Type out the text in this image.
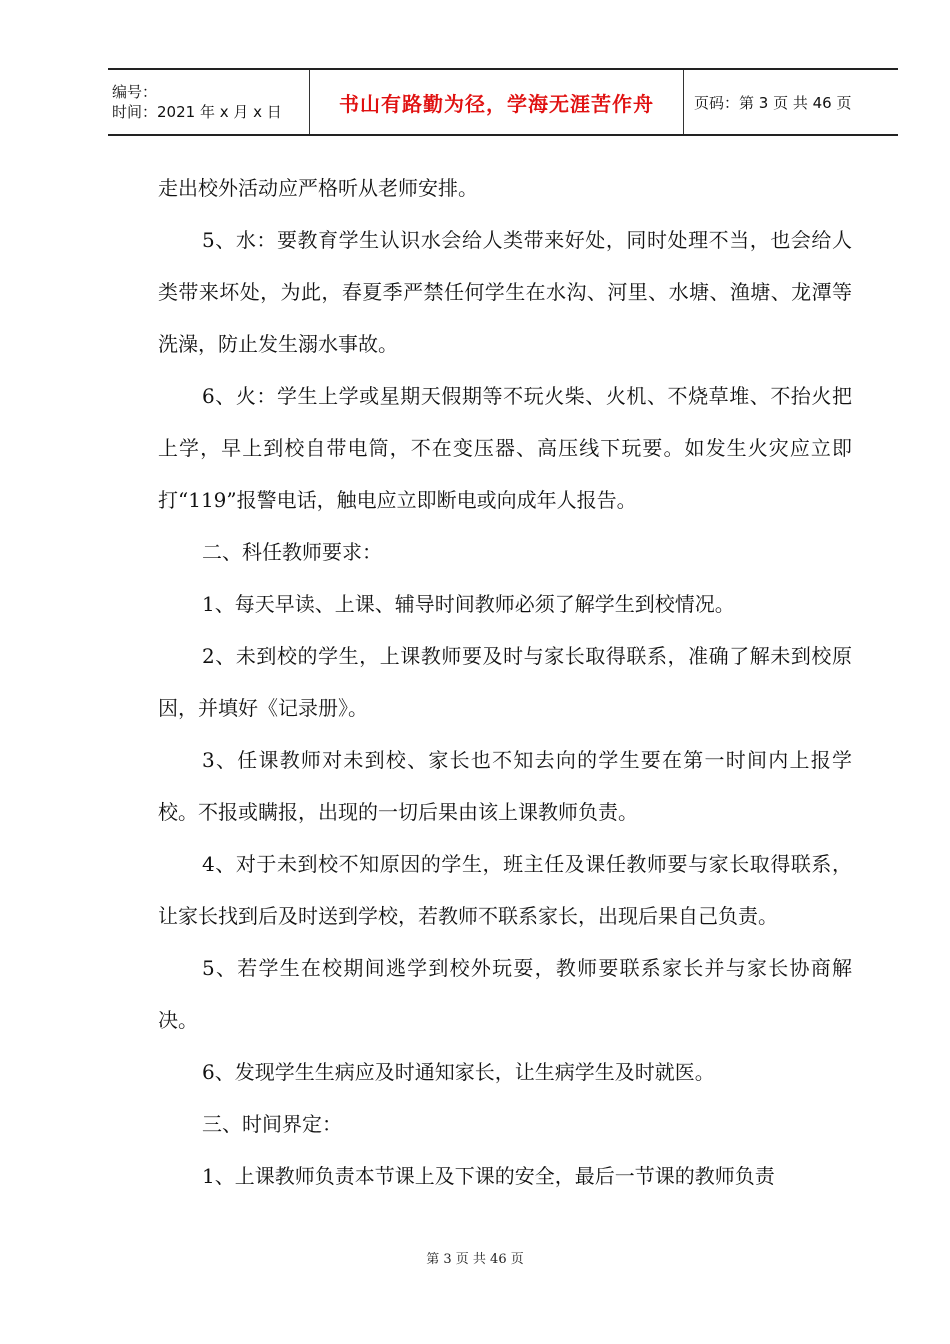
编号：
时间：2021 年 x 月 x 日	书山有路勤为径，学海无涯苦作舟	页码：第 3 页 共 46 页

走出校外活动应严格听从老师安排。

5、水：要教育学生认识水会给人类带来好处，同时处理不当，也会给人类带来坏处，为此，春夏季严禁任何学生在水沟、河里、水塘、渔塘、龙潭等洗澡，防止发生溺水事故。

6、火：学生上学或星期天假期等不玩火柴、火机、不烧草堆、不抬火把上学，早上到校自带电筒，不在变压器、高压线下玩要。如发生火灾应立即打“119”报警电话，触电应立即断电或向成年人报告。

二、科任教师要求：

1、每天早读、上课、辅导时间教师必须了解学生到校情况。

2、未到校的学生，上课教师要及时与家长取得联系，准确了解未到校原因，并填好《记录册》。

3、任课教师对未到校、家长也不知去向的学生要在第一时间内上报学校。不报或瞒报，出现的一切后果由该上课教师负责。

4、对于未到校不知原因的学生，班主任及课任教师要与家长取得联系，让家长找到后及时送到学校，若教师不联系家长，出现后果自己负责。

5、若学生在校期间逃学到校外玩耍，教师要联系家长并与家长协商解决。

6、发现学生生病应及时通知家长，让生病学生及时就医。

三、时间界定：

1、上课教师负责本节课上及下课的安全，最后一节课的教师负责

第 3 页 共 46 页
